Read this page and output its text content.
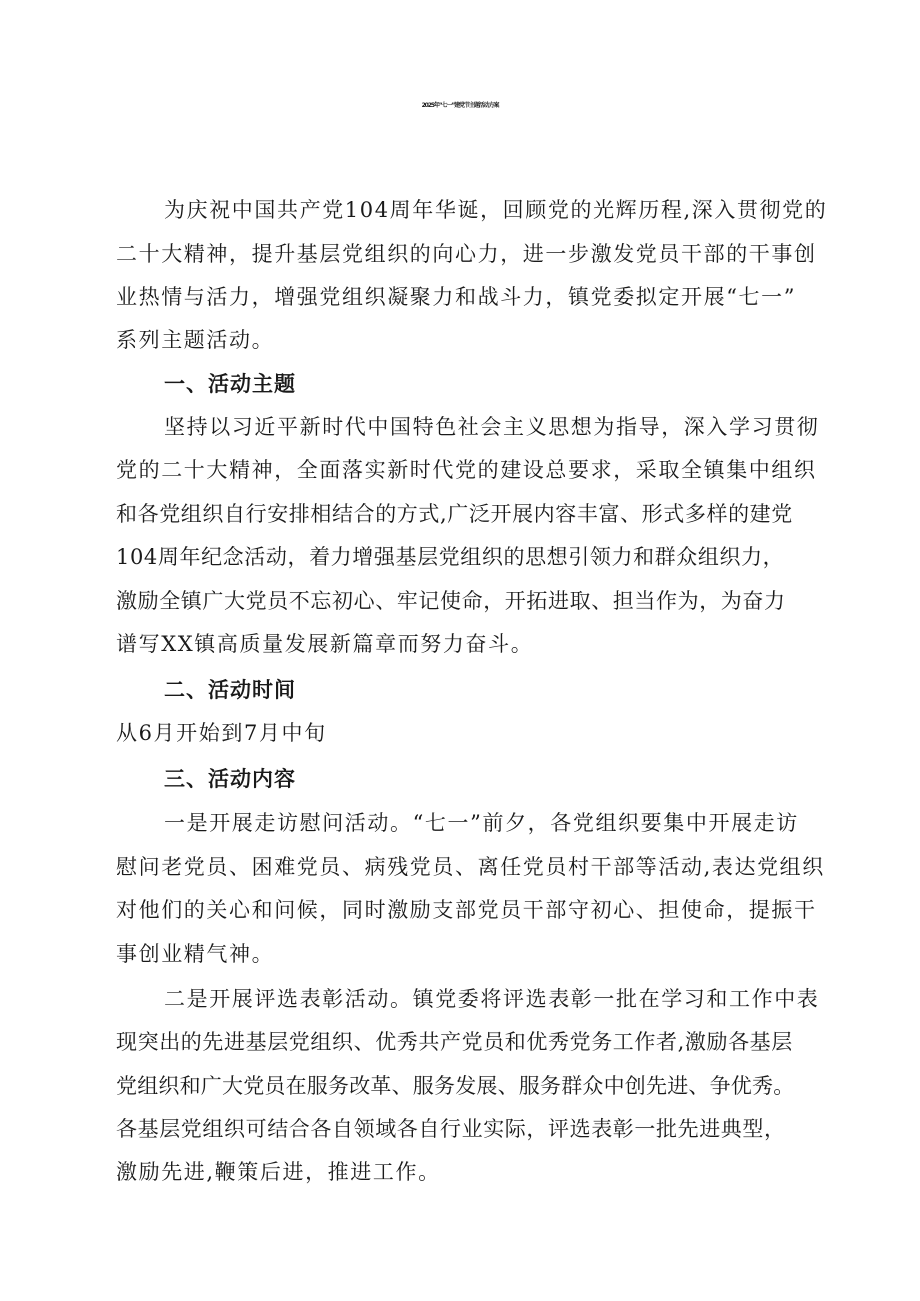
2025年“七一”建党节主题活动方案
为庆祝中国共产党104周年华诞，回顾党的光辉历程,深入贯彻党的
二十大精神，提升基层党组织的向心力，进一步激发党员干部的干事创
业热情与活力，增强党组织凝聚力和战斗力，镇党委拟定开展“七一”
系列主题活动。
一、活动主题
坚持以习近平新时代中国特色社会主义思想为指导，深入学习贯彻
党的二十大精神，全面落实新时代党的建设总要求，采取全镇集中组织
和各党组织自行安排相结合的方式,广泛开展内容丰富、形式多样的建党
104周年纪念活动，着力增强基层党组织的思想引领力和群众组织力，
激励全镇广大党员不忘初心、牢记使命，开拓进取、担当作为，为奋力
谱写XX镇高质量发展新篇章而努力奋斗。
二、活动时间
从6月开始到7月中旬
三、活动内容
一是开展走访慰问活动。“七一”前夕，各党组织要集中开展走访
慰问老党员、困难党员、病残党员、离任党员村干部等活动,表达党组织
对他们的关心和问候，同时激励支部党员干部守初心、担使命，提振干
事创业精气神。
二是开展评选表彰活动。镇党委将评选表彰一批在学习和工作中表
现突出的先进基层党组织、优秀共产党员和优秀党务工作者,激励各基层
党组织和广大党员在服务改革、服务发展、服务群众中创先进、争优秀。
各基层党组织可结合各自领域各自行业实际，评选表彰一批先进典型，
激励先进,鞭策后进，推进工作。
